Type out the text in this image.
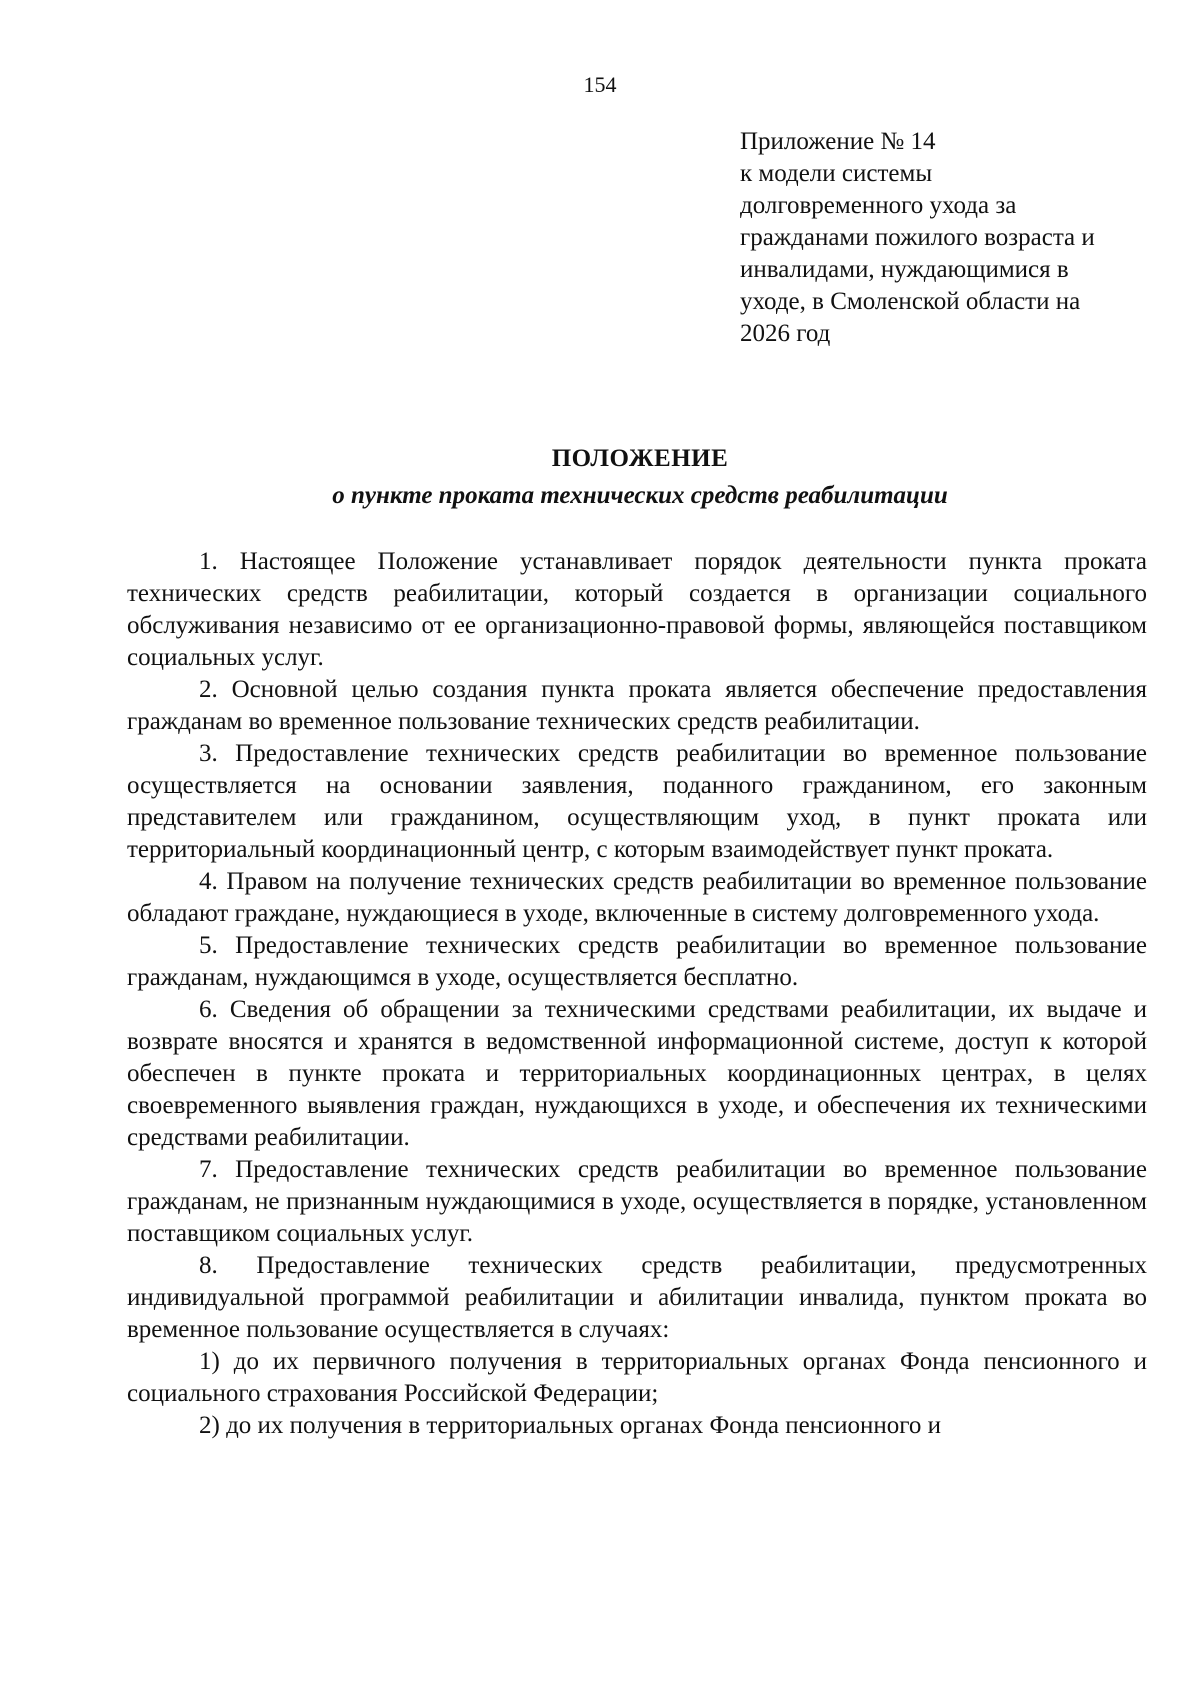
154
Приложение № 14
к модели системы
долговременного ухода за
гражданами пожилого возраста и
инвалидами, нуждающимися в
уходе, в Смоленской области на
2026 год
ПОЛОЖЕНИЕ
о пункте проката технических средств реабилитации

1. Настоящее Положение устанавливает порядок деятельности пункта проката технических средств реабилитации, который создается в организации социального обслуживания независимо от ее организационно-правовой формы, являющейся поставщиком социальных услуг.

2. Основной целью создания пункта проката является обеспечение предоставления гражданам во временное пользование технических средств реабилитации.

3. Предоставление технических средств реабилитации во временное пользование осуществляется на основании заявления, поданного гражданином, его законным представителем или гражданином, осуществляющим уход, в пункт проката или территориальный координационный центр, с которым взаимодействует пункт проката.

4. Правом на получение технических средств реабилитации во временное пользование обладают граждане, нуждающиеся в уходе, включенные в систему долговременного ухода.

5. Предоставление технических средств реабилитации во временное пользование гражданам, нуждающимся в уходе, осуществляется бесплатно.

6. Сведения об обращении за техническими средствами реабилитации, их выдаче и возврате вносятся и хранятся в ведомственной информационной системе, доступ к которой обеспечен в пункте проката и территориальных координационных центрах, в целях своевременного выявления граждан, нуждающихся в уходе, и обеспечения их техническими средствами реабилитации.

7. Предоставление технических средств реабилитации во временное пользование гражданам, не признанным нуждающимися в уходе, осуществляется в порядке, установленном поставщиком социальных услуг.

8. Предоставление технических средств реабилитации, предусмотренных индивидуальной программой реабилитации и абилитации инвалида, пунктом проката во временное пользование осуществляется в случаях:

1) до их первичного получения в территориальных органах Фонда пенсионного и социального страхования Российской Федерации;

2) до их получения в территориальных органах Фонда пенсионного и
